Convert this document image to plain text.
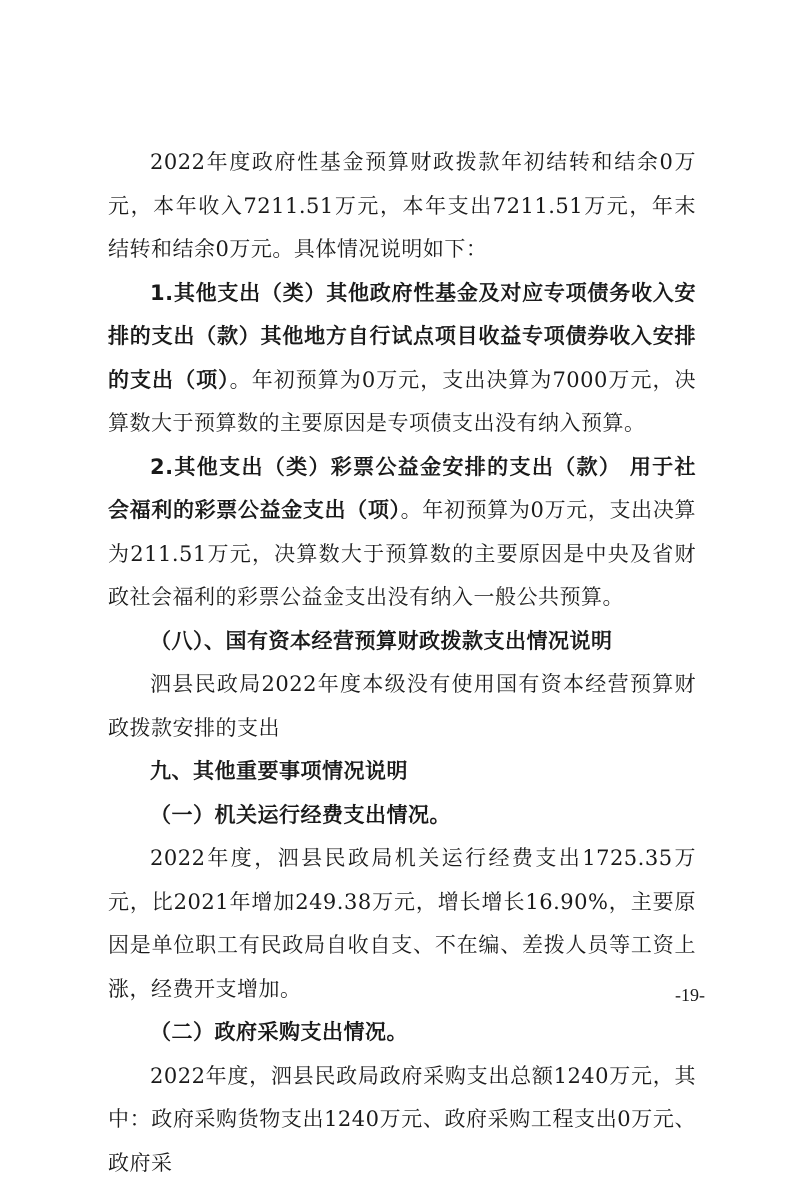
2022年度政府性基金预算财政拨款年初结转和结余0万元，本年收入7211.51万元，本年支出7211.51万元，年末结转和结余0万元。具体情况说明如下：

1.其他支出（类）其他政府性基金及对应专项债务收入安排的支出（款）其他地方自行试点项目收益专项债券收入安排的支出（项）。年初预算为0万元，支出决算为7000万元，决算数大于预算数的主要原因是专项债支出没有纳入预算。

2.其他支出（类）彩票公益金安排的支出（款） 用于社会福利的彩票公益金支出（项）。年初预算为0万元，支出决算为211.51万元，决算数大于预算数的主要原因是中央及省财政社会福利的彩票公益金支出没有纳入一般公共预算。

（八）、国有资本经营预算财政拨款支出情况说明

泗县民政局2022年度本级没有使用国有资本经营预算财政拨款安排的支出

九、其他重要事项情况说明

（一）机关运行经费支出情况。

2022年度，泗县民政局机关运行经费支出1725.35万元，比2021年增加249.38万元，增长增长16.90%，主要原因是单位职工有民政局自收自支、不在编、差拨人员等工资上涨，经费开支增加。

（二）政府采购支出情况。

2022年度，泗县民政局政府采购支出总额1240万元，其中：政府采购货物支出1240万元、政府采购工程支出0万元、政府采

-19-
